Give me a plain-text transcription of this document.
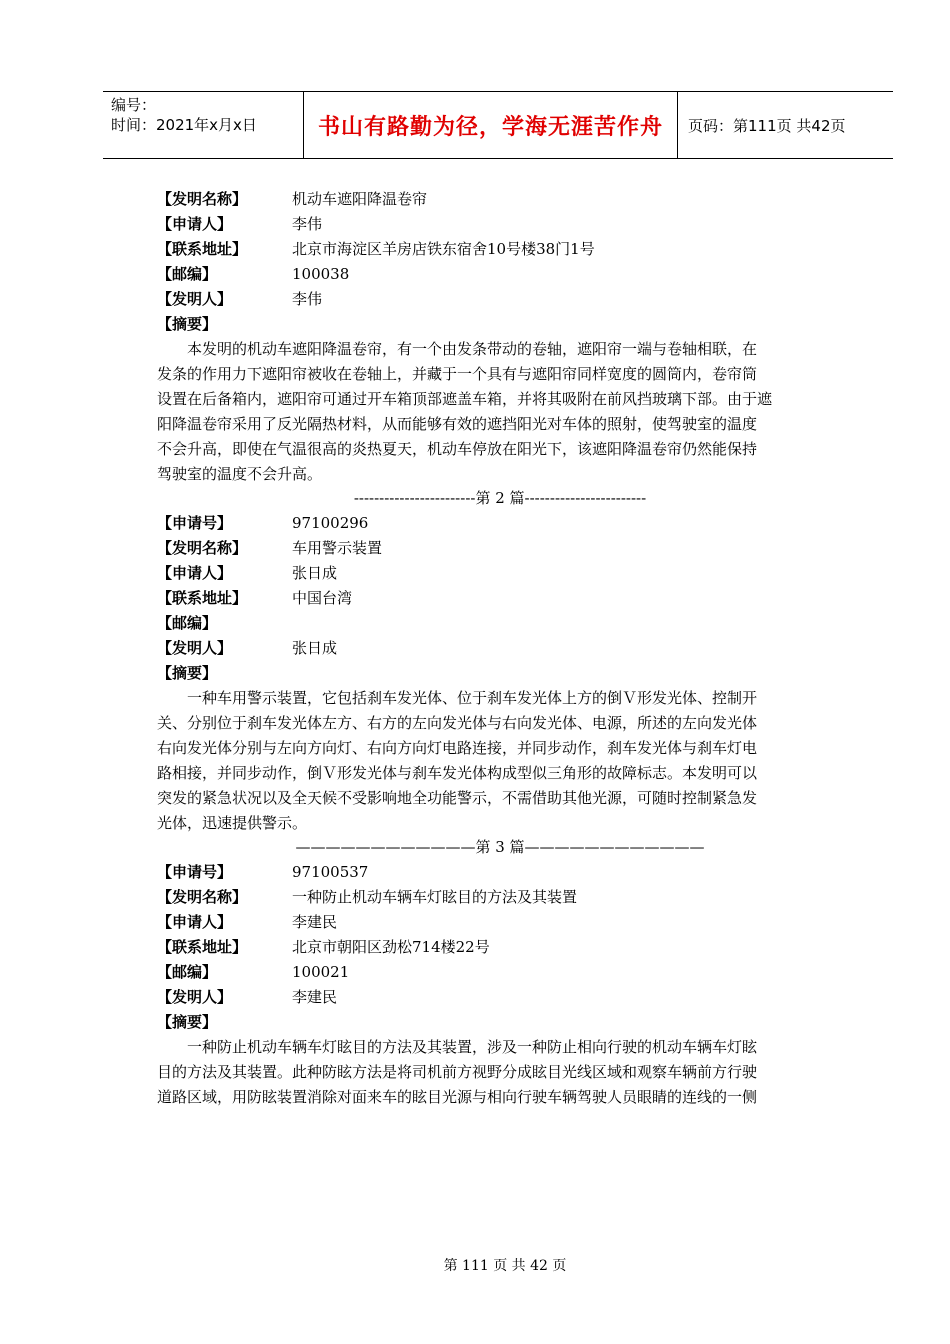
编号：
时间：2021年x月x日	书山有路勤为径，学海无涯苦作舟	页码：第111页 共42页
【发明名称】	机动车遮阳降温卷帘
【申请人】	李伟
【联系地址】	北京市海淀区羊房店铁东宿舍10号楼38门1号
【邮编】	100038
【发明人】	李伟
【摘要】
本发明的机动车遮阳降温卷帘，有一个由发条带动的卷轴，遮阳帘一端与卷轴相联，在
发条的作用力下遮阳帘被收在卷轴上，并藏于一个具有与遮阳帘同样宽度的圆筒内，卷帘筒
设置在后备箱内，遮阳帘可通过开车箱顶部遮盖车箱，并将其吸附在前风挡玻璃下部。由于遮
阳降温卷帘采用了反光隔热材料，从而能够有效的遮挡阳光对车体的照射，使驾驶室的温度
不会升高，即使在气温很高的炎热夏天，机动车停放在阳光下，该遮阳降温卷帘仍然能保持
驾驶室的温度不会升高。
------------------------第 2 篇------------------------
【申请号】	97100296
【发明名称】	车用警示装置
【申请人】	张日成
【联系地址】	中国台湾
【邮编】
【发明人】	张日成
【摘要】
一种车用警示装置，它包括刹车发光体、位于刹车发光体上方的倒Ｖ形发光体、控制开
关、分别位于刹车发光体左方、右方的左向发光体与右向发光体、电源，所述的左向发光体
右向发光体分别与左向方向灯、右向方向灯电路连接，并同步动作，刹车发光体与刹车灯电
路相接，并同步动作，倒Ｖ形发光体与刹车发光体构成型似三角形的故障标志。本发明可以
突发的紧急状况以及全天候不受影响地全功能警示，不需借助其他光源，可随时控制紧急发
光体，迅速提供警示。
————————————第 3 篇————————————
【申请号】	97100537
【发明名称】	一种防止机动车辆车灯眩目的方法及其装置
【申请人】	李建民
【联系地址】	北京市朝阳区劲松714楼22号
【邮编】	100021
【发明人】	李建民
【摘要】
一种防止机动车辆车灯眩目的方法及其装置，涉及一种防止相向行驶的机动车辆车灯眩
目的方法及其装置。此种防眩方法是将司机前方视野分成眩目光线区域和观察车辆前方行驶
道路区域，用防眩装置消除对面来车的眩目光源与相向行驶车辆驾驶人员眼睛的连线的一侧
第 111 页 共 42 页
